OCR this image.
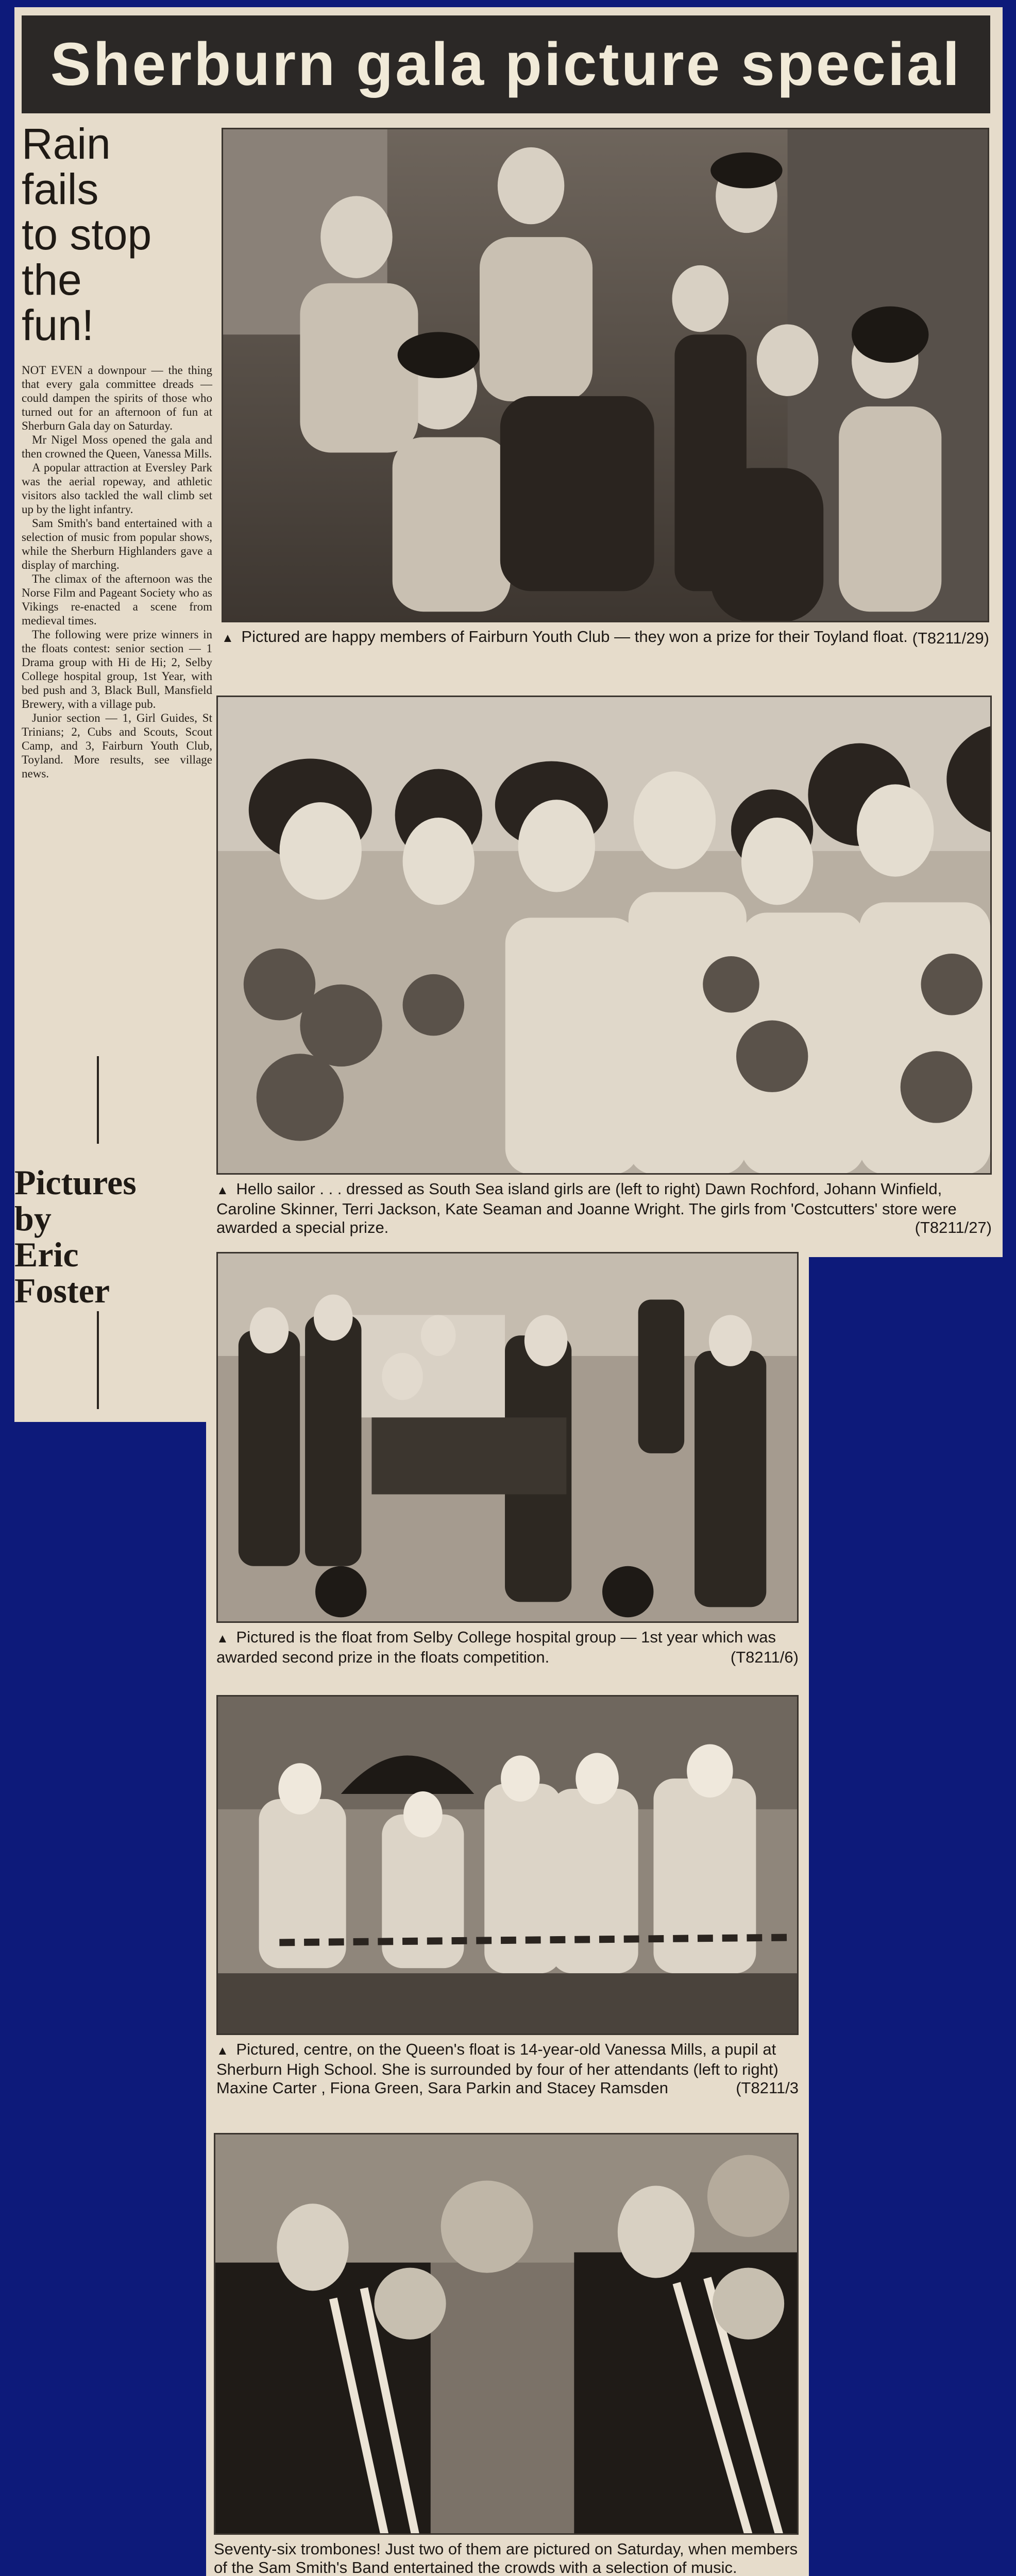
Sherburn gala picture special
Rain
fails
to stop
the
fun!

NOT EVEN a downpour — the thing that every gala committee dreads — could dampen the spirits of those who turned out for an afternoon of fun at Sherburn Gala day on Saturday.

Mr Nigel Moss opened the gala and then crowned the Queen, Vanessa Mills.

A popular attraction at Eversley Park was the aerial ropeway, and athletic visitors also tackled the wall climb set up by the light infantry.

Sam Smith's band entertained with a selection of music from popular shows, while the Sherburn Highlanders gave a display of marching.

The climax of the afternoon was the Norse Film and Pageant Society who as Vikings re-enacted a scene from medieval times.

The following were prize winners in the floats contest: senior section — 1 Drama group with Hi de Hi; 2, Selby College hospital group, 1st Year, with bed push and 3, Black Bull, Mansfield Brewery, with a village pub.

Junior section — 1, Girl Guides, St Trinians; 2, Cubs and Scouts, Scout Camp, and 3, Fairburn Youth Club, Toyland. More results, see village news.

Pictures
by
Eric
Foster
▲ Pictured are happy members of Fairburn Youth Club — they won a prize for their Toyland float. (T8211/29)
▲ Hello sailor . . . dressed as South Sea island girls are (left to right) Dawn Rochford, Johann Winfield, Caroline Skinner, Terri Jackson, Kate Seaman and Joanne Wright. The girls from 'Costcutters' store were awarded a special prize.	(T8211/27)
▲ Pictured is the float from Selby College hospital group — 1st year which was awarded second prize in the floats competition.	(T8211/6)
▲ Pictured, centre, on the Queen's float is 14-year-old Vanessa Mills, a pupil at Sherburn High School. She is surrounded by four of her attendants (left to right) Maxine Carter , Fiona Green, Sara Parkin and Stacey Ramsden	(T8211/3
Seventy-six trombones! Just two of them are pictured on Saturday, when members of the Sam Smith's Band entertained the crowds with a selection of music.
